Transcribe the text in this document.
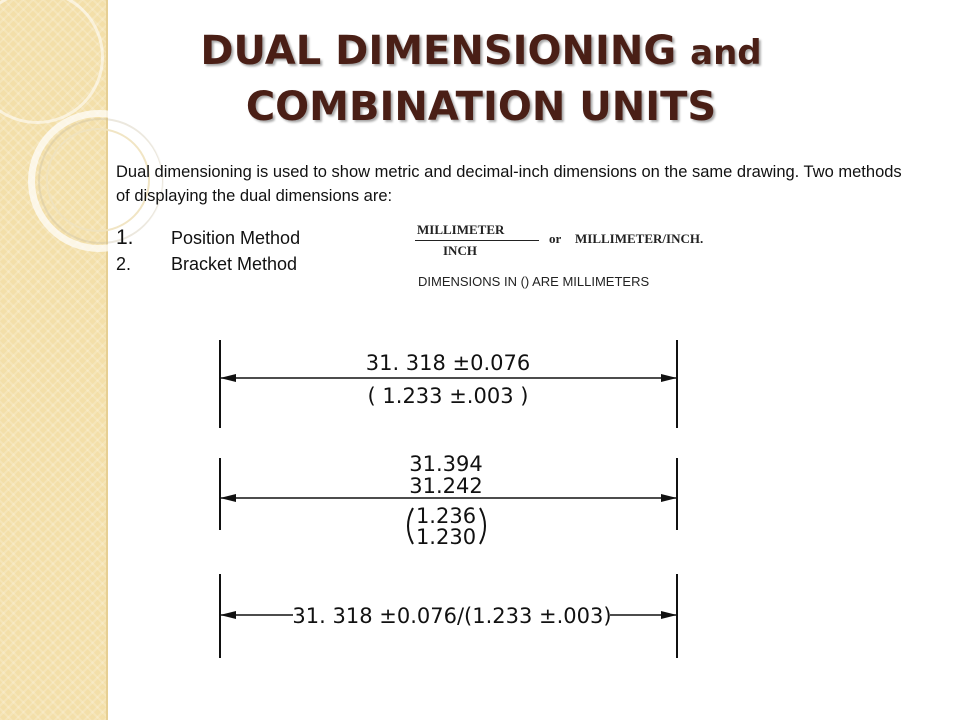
DUAL DIMENSIONING and
COMBINATION UNITS
Dual dimensioning is used to show metric and decimal-inch dimensions on the same drawing. Two methods of displaying the dual dimensions are:
1.	Position Method
2.	Bracket Method
MILLIMETER
INCH
or MILLIMETER/INCH.
DIMENSIONS IN () ARE MILLIMETERS
31. 318 ±0.076
( 1.233 ±.003 )
31.394
31.242
1.236
1.230
31. 318 ±0.076/(1.233 ±.003)
